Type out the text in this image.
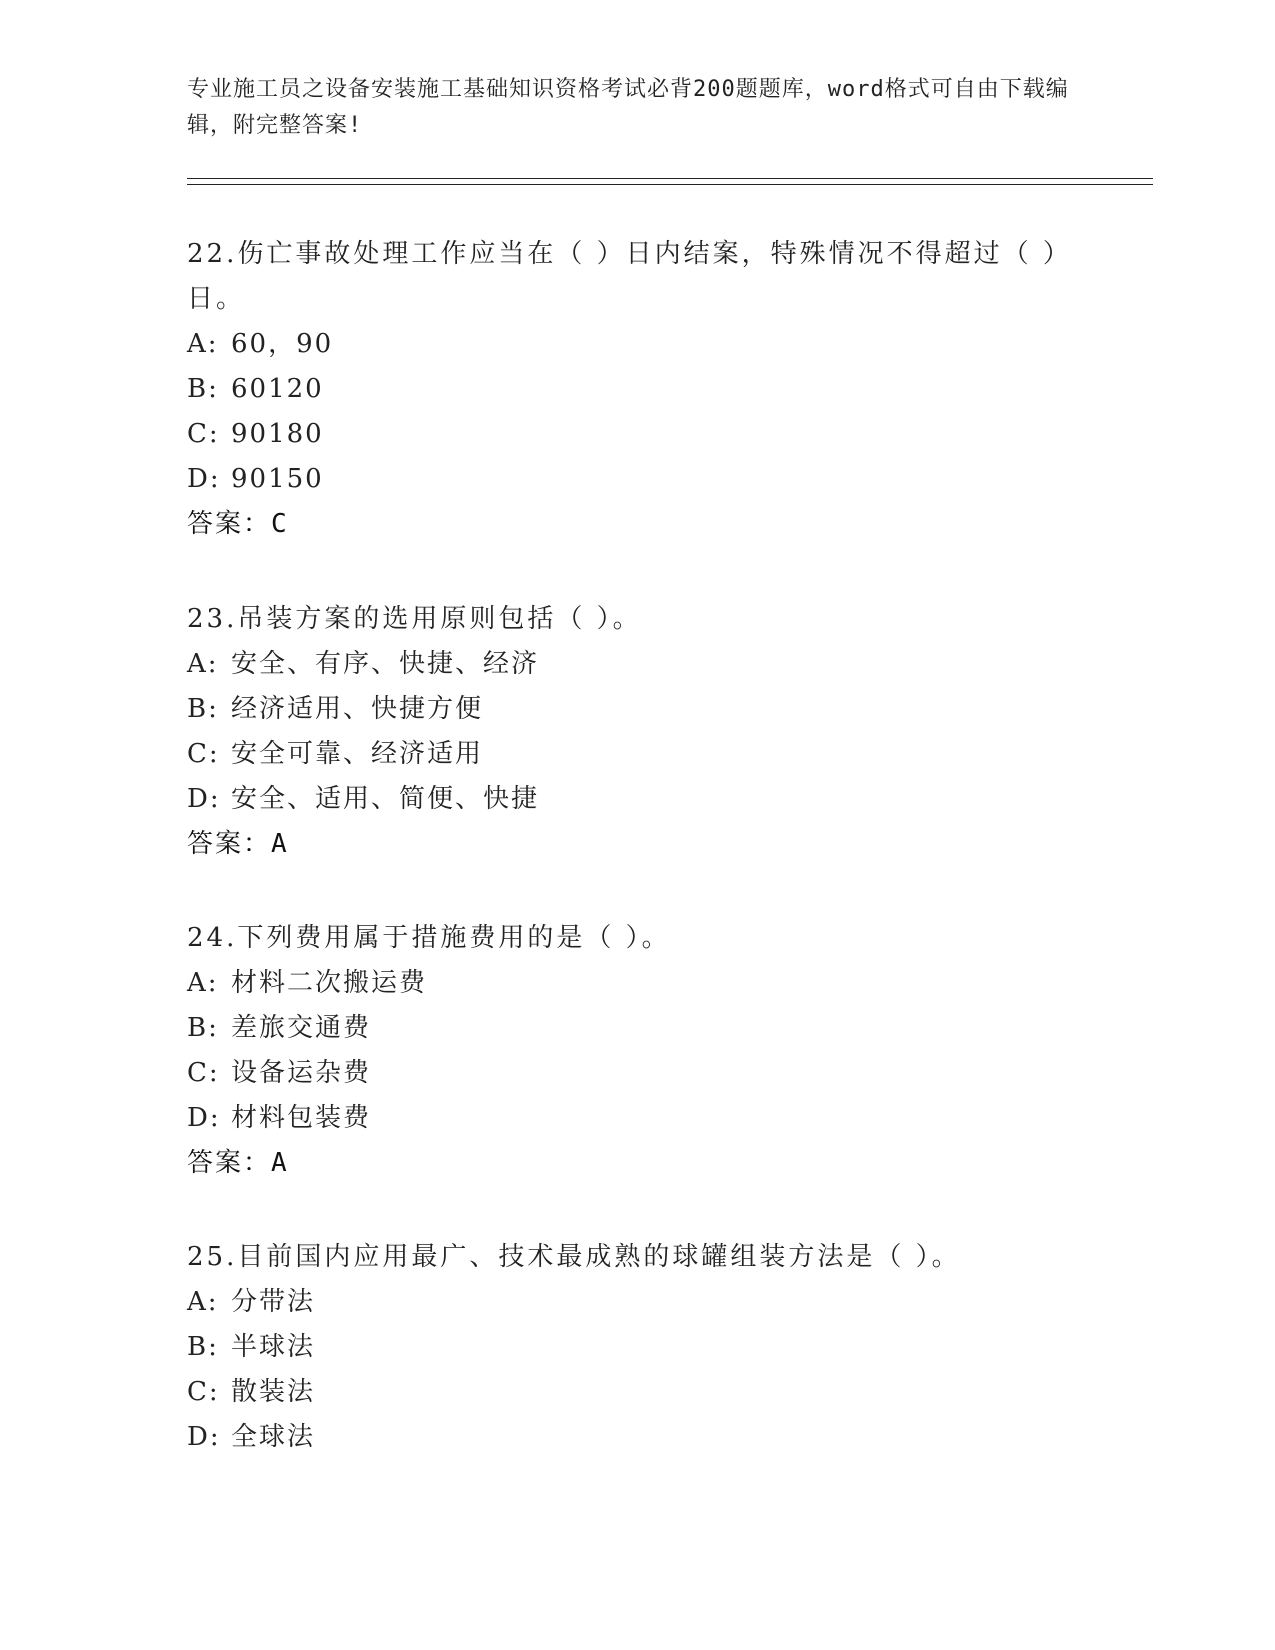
专业施工员之设备安装施工基础知识资格考试必背200题题库，word格式可自由下载编辑，附完整答案!
22.伤亡事故处理工作应当在（ ）日内结案，特殊情况不得超过（ ）日。
A: 60，90
B: 60120
C: 90180
D: 90150
答案：C
23.吊装方案的选用原则包括（ ）。
A: 安全、有序、快捷、经济
B: 经济适用、快捷方便
C: 安全可靠、经济适用
D: 安全、适用、简便、快捷
答案：A
24.下列费用属于措施费用的是（ ）。
A: 材料二次搬运费
B: 差旅交通费
C: 设备运杂费
D: 材料包装费
答案：A
25.目前国内应用最广、技术最成熟的球罐组装方法是（ ）。
A: 分带法
B: 半球法
C: 散装法
D: 全球法
